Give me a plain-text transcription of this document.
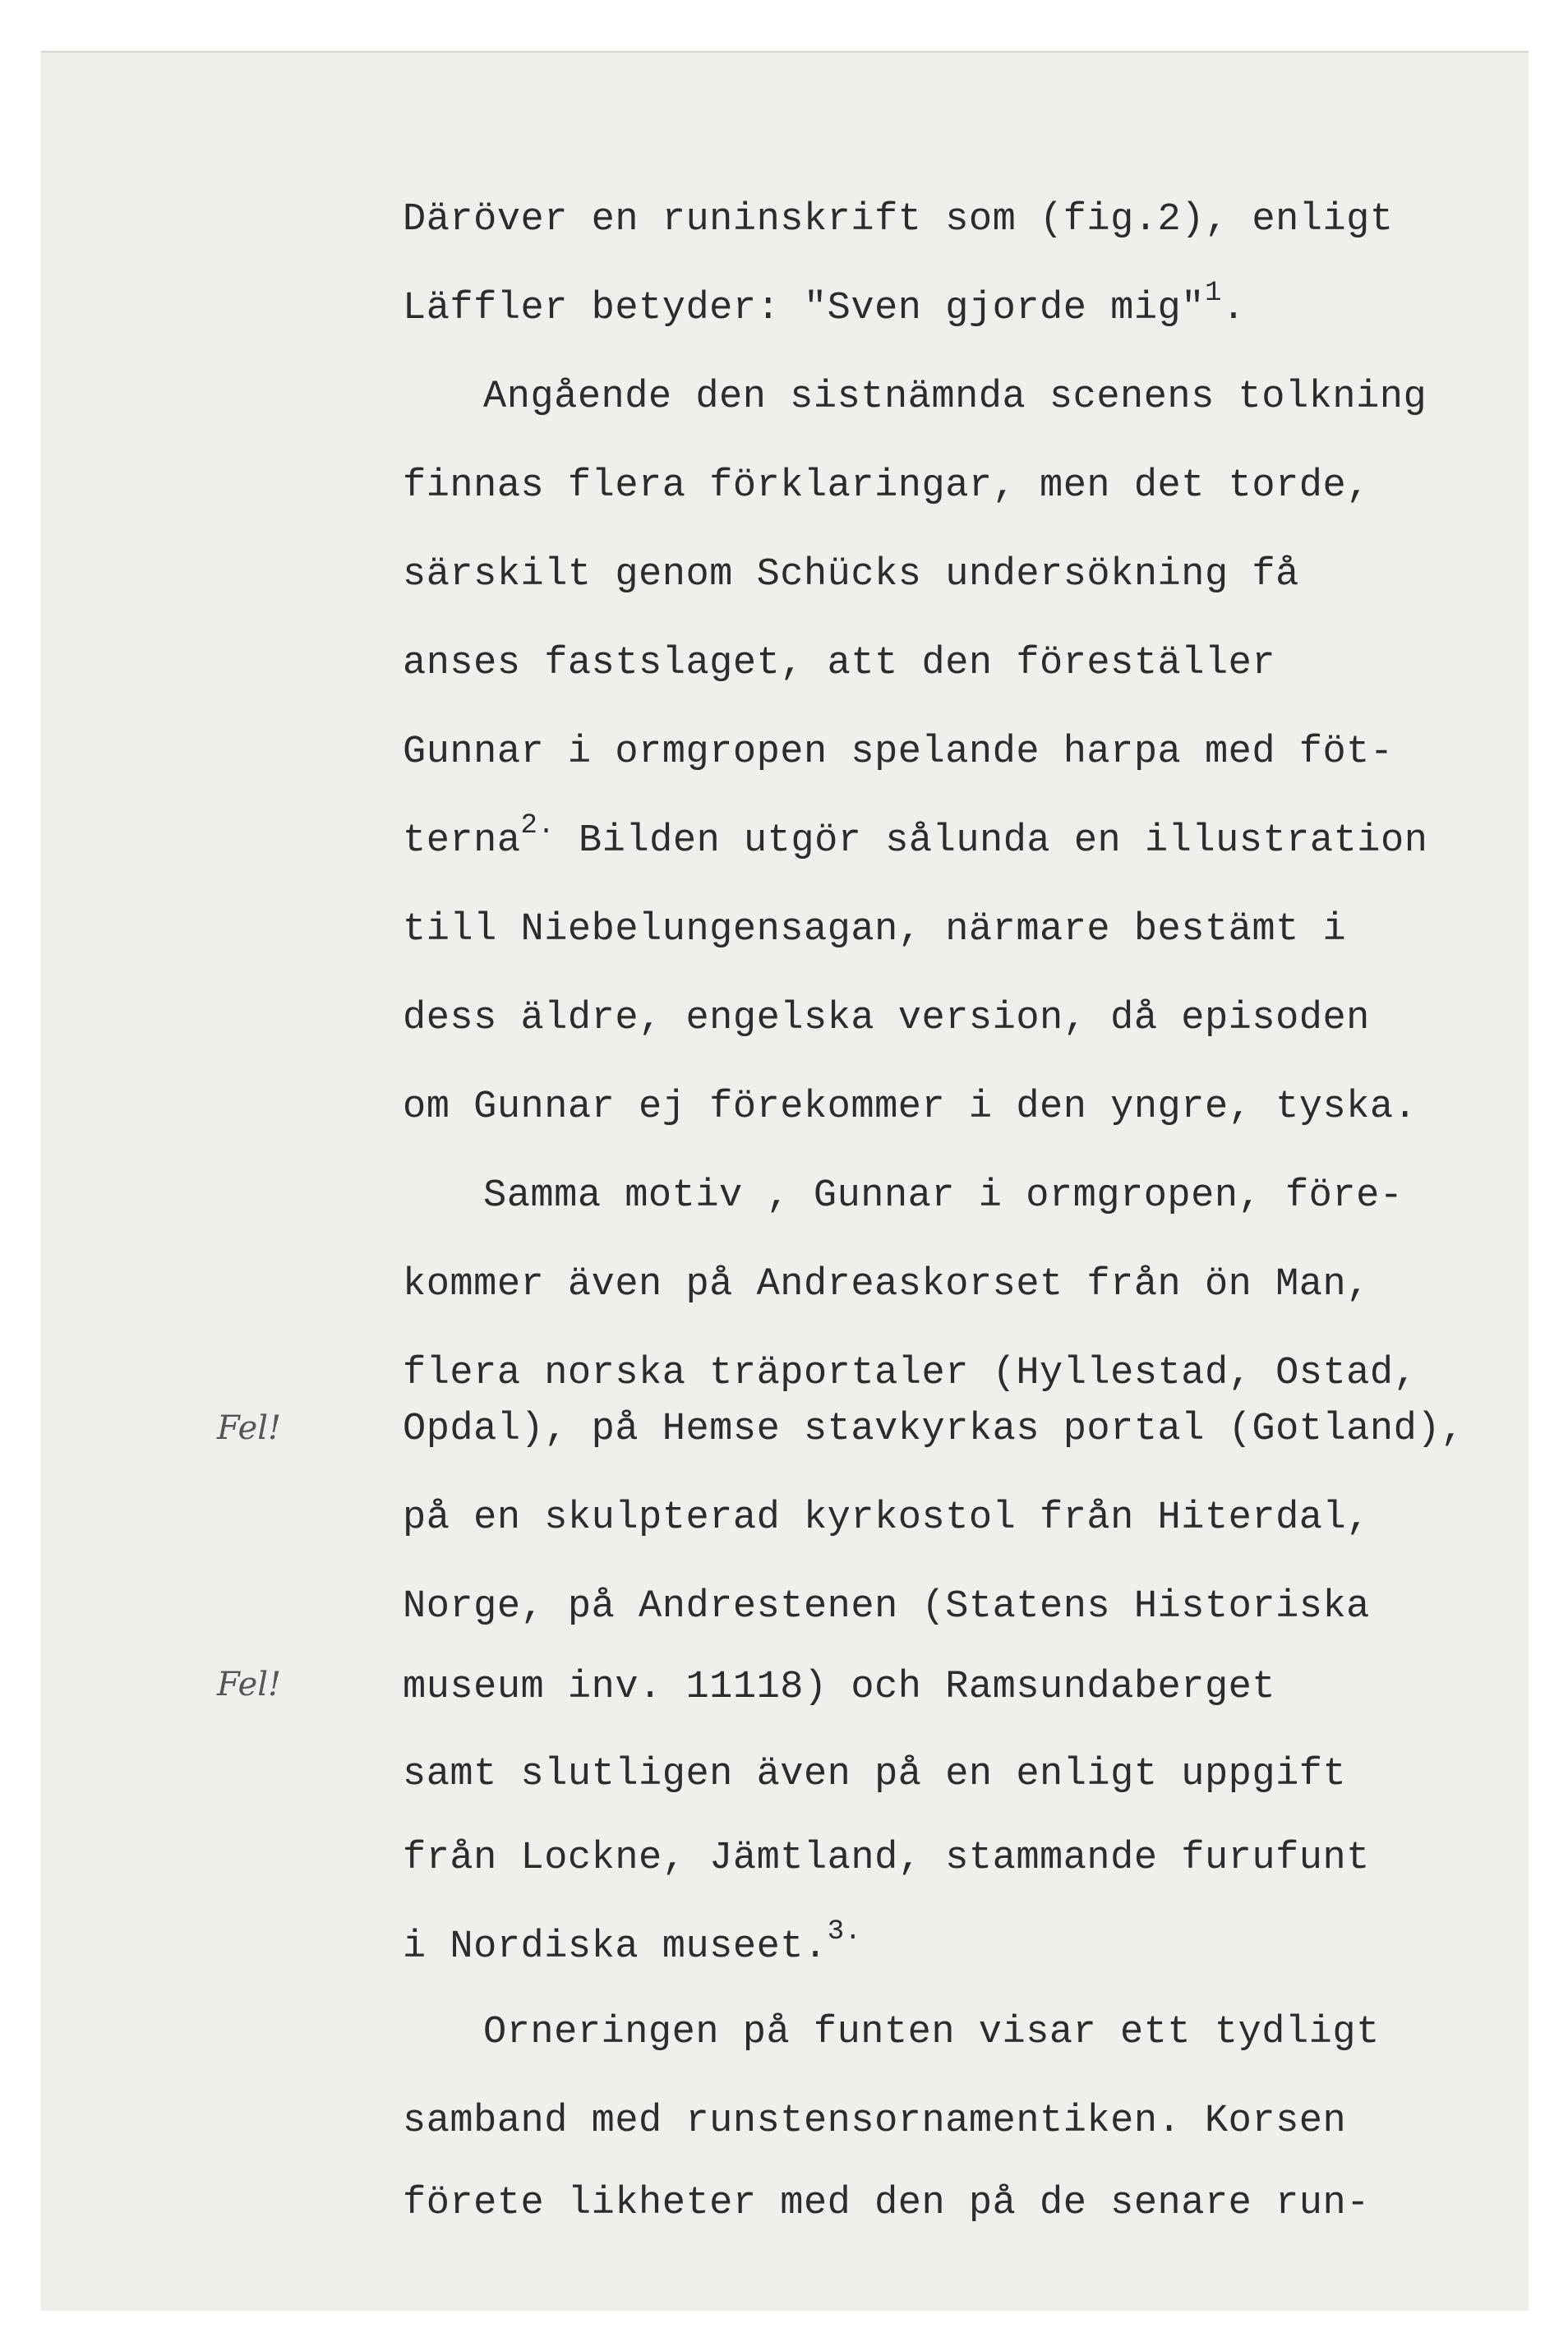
Däröver en runinskrift som (fig.2), enligt
Läffler betyder: "Sven gjorde mig"$^1$.
Angående den sistnämnda scenens tolkning
finnas flera förklaringar, men det torde,
särskilt genom Schücks undersökning få
anses fastslaget, att den föreställer
Gunnar i ormgropen spelande harpa med föt-
terna$^{2.}$ Bilden utgör sålunda en illustration
till Niebelungensagan, närmare bestämt i
dess äldre, engelska version, då episoden
om Gunnar ej förekommer i den yngre, tyska.
Samma motiv , Gunnar i ormgropen, före-
kommer även på Andreaskorset från ön Man,
flera norska träportaler (Hyllestad, Ostad,
Fel!	Opdal), på Hemse stavkyrkas portal (Gotland),
på en skulpterad kyrkostol från Hiterdal,
Norge, på Andrestenen (Statens Historiska
Fel!	museum inv. 11118) och Ramsundaberget
samt slutligen även på en enligt uppgift
från Lockne, Jämtland, stammande furufunt
i Nordiska museet.$^{3.}$
Orneringen på funten visar ett tydligt
samband med runstensornamentiken. Korsen
förete likheter med den på de senare run-
